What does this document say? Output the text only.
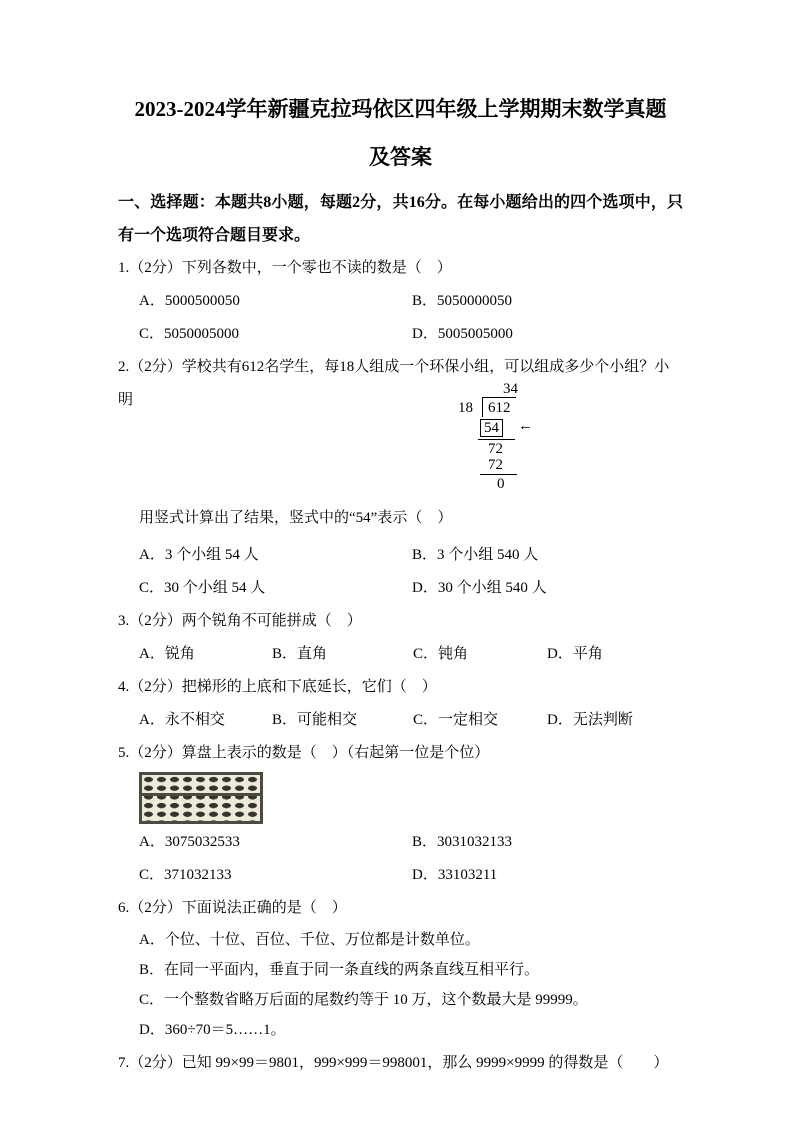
2023-2024学年新疆克拉玛依区四年级上学期期末数学真题
及答案
一、选择题：本题共8小题，每题2分，共16分。在每小题给出的四个选项中，只有一个选项符合题目要求。
1.（2分）下列各数中，一个零也不读的数是（　）
A．5000500050	B．5050000050
C．5050005000	D．5005005000
2.（2分）学校共有612名学生，每18人组成一个环保小组，可以组成多少个小组？小明
34
18	612
54 ←
72
72
0
用竖式计算出了结果，竖式中的“54”表示（　）
A．3 个小组 54 人	B．3 个小组 540 人
C．30 个小组 54 人	D．30 个小组 540 人
3.（2分）两个锐角不可能拼成（　）
A．锐角	B．直角	C．钝角	D．平角
4.（2分）把梯形的上底和下底延长，它们（　）
A．永不相交	B．可能相交	C．一定相交	D．无法判断
5.（2分）算盘上表示的数是（　）（右起第一位是个位）
A．3075032533	B．3031032133
C．371032133	D．33103211
6.（2分）下面说法正确的是（　）
A．个位、十位、百位、千位、万位都是计数单位。
B．在同一平面内，垂直于同一条直线的两条直线互相平行。
C．一个整数省略万后面的尾数约等于 10 万，这个数最大是 99999。
D．360÷70＝5……1。
7.（2分）已知 99×99＝9801，999×999＝998001，那么 9999×9999 的得数是（　　）
